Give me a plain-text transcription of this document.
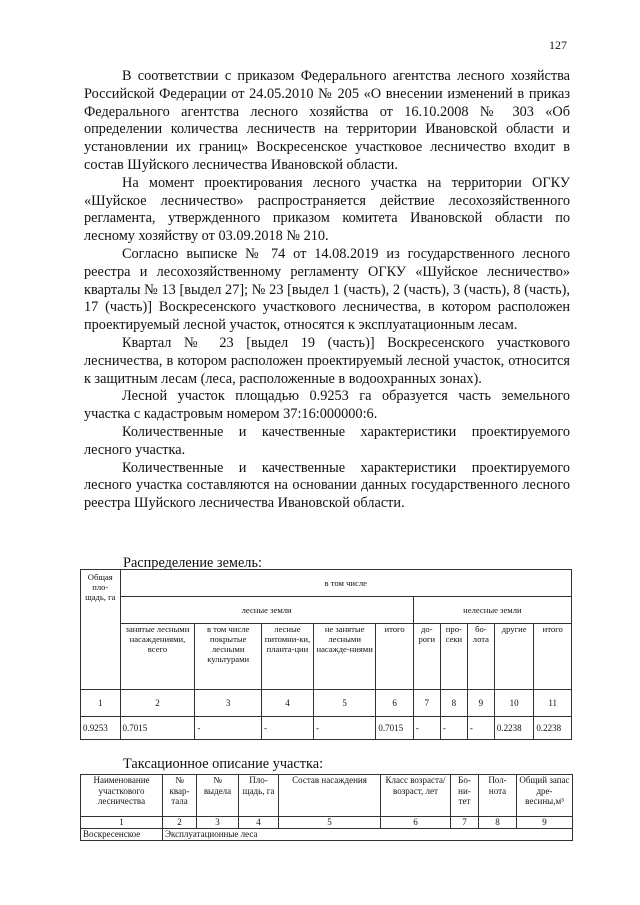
127

В соответствии с приказом Федерального агентства лесного хозяйства Российской Федерации от 24.05.2010 № 205 «О внесении изменений в приказ Федерального агентства лесного хозяйства от 16.10.2008 № 303 «Об определении количества лесничеств на территории Ивановской области и установлении их границ» Воскресенское участковое лесничество входит в состав Шуйского лесничества Ивановской области.

На момент проектирования лесного участка на территории ОГКУ «Шуйское лесничество» распространяется действие лесохозяйственного регламента, утвержденного приказом комитета Ивановской области по лесному хозяйству от 03.09.2018 № 210.

Согласно выписке № 74 от 14.08.2019 из государственного лесного реестра и лесохозяйственному регламенту ОГКУ «Шуйское лесничество» кварталы № 13 [выдел 27]; № 23 [выдел 1 (часть), 2 (часть), 3 (часть), 8 (часть), 17 (часть)] Воскресенского участкового лесничества, в котором расположен проектируемый лесной участок, относятся к эксплуатационным лесам.

Квартал № 23 [выдел 19 (часть)] Воскресенского участкового лесничества, в котором расположен проектируемый лесной участок, относится к защитным лесам (леса, расположенные в водоохранных зонах).

Лесной участок площадью 0.9253 га образуется часть земельного участка с кадастровым номером 37:16:000000:6.

Количественные и качественные характеристики проектируемого лесного участка.

Количественные и качественные характеристики проектируемого лесного участка составляются на основании данных государственного лесного реестра Шуйского лесничества Ивановской области.

Распределение земель:
Общая пло-щадь, га	в том числе									
	лесные земли					нелесные земли				
	занятые лесными насаждениями, всего	в том числе покрытые лесными культурами	лесные питомни-ки, планта-ции	не занятые лесными насажде-ниями	итого	до-роги	про-секи	бо-лота	другие	итого
1	2	3	4	5	6	7	8	9	10	11
0.9253	0.7015	-	-	-	0.7015	-	-	-	0.2238	0.2238
Таксационное описание участка:
Наименование участкового лесничества	№ квар-тала	№ выдела	Пло-щадь, га	Состав насаждения	Класс возраста/ возраст, лет	Бо-ни-тет	Пол-нота	Общий запас дре-весины,м³
1	2	3	4	5	6	7	8	9
Воскресенское	Эксплуатационные леса							
